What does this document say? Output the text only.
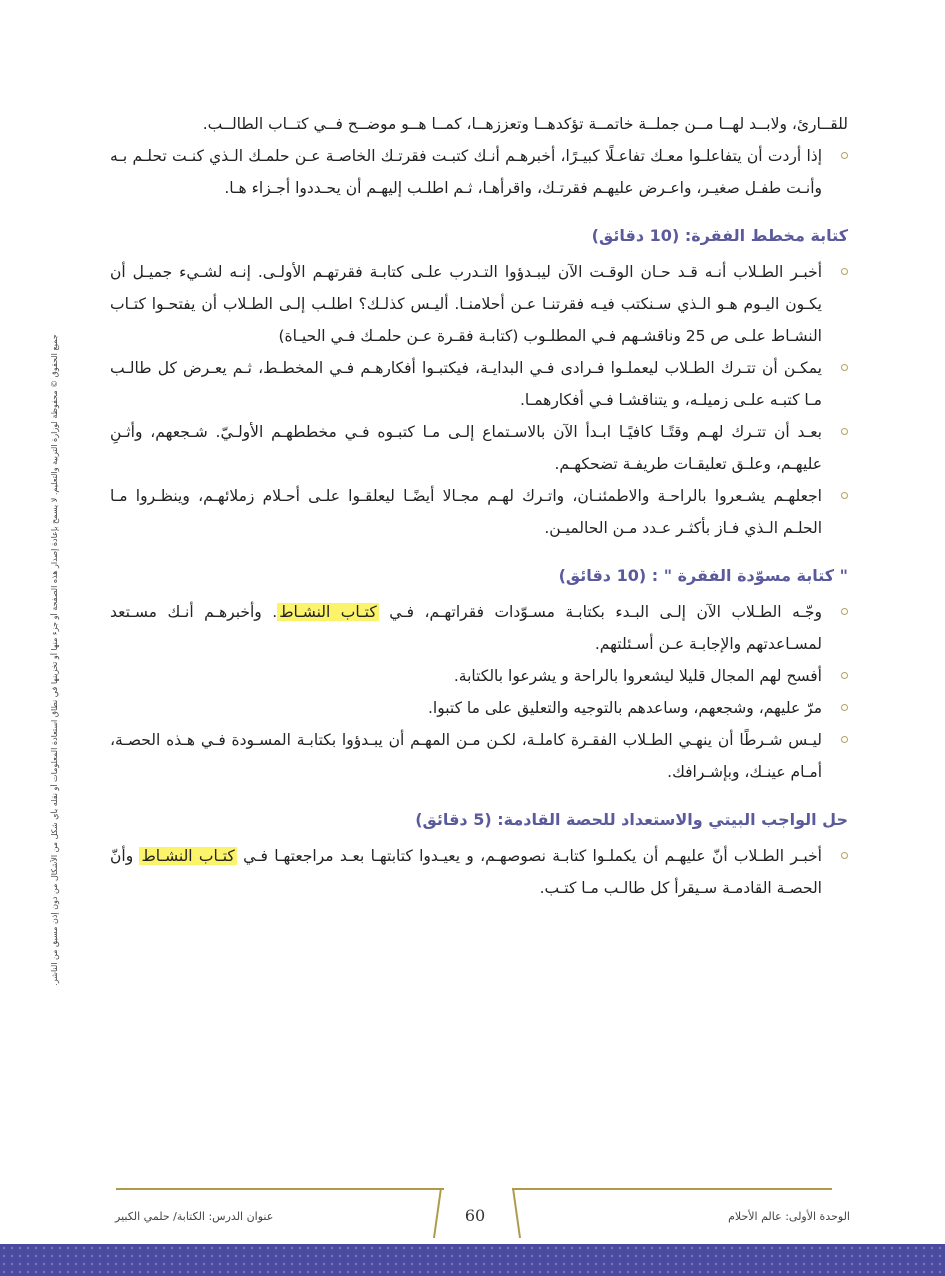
جميع الحقوق © محفوظة لوزارة التربية والتعليم. لا يسمح بإعادة إصدار هذه الصفحة أو جزء منها أو تخزينها في نطاق استعادة المعلومات أو نقله بأي شكل من الأشكال من دون إذن مسبق من الناشر.

للقــارئ، ولابــد لهــا مــن جملــة خاتمــة تؤكدهــا وتعززهــا، كمــا هــو موضــح فــي كتــاب الطالــب.

إذا أردت أن يتفاعلـوا معـك تفاعـلًا كبيـرًا، أخبرهـم أنـك كتبـت فقرتـك الخاصـة عـن حلمـك الـذي كنـت تحلـم بـه وأنـت طفـل صغيـر، واعـرض عليهـم فقرتـك، واقرأهـا، ثـم اطلـب إليهـم أن يحـددوا أجـزاء هـا.
كتابة مخطط الفقرة: (10 دقائق)
أخبـر الطـلاب أنـه قـد حـان الوقـت الآن ليبـدؤوا التـدرب علـى كتابـة فقرتهـم الأولـى. إنـه لشـيء جميـل أن يكـون اليـوم هـو الـذي سـنكتب فيـه فقرتنـا عـن أحلامنـا. أليـس كذلـك؟ اطلـب إلـى الطـلاب أن يفتحـوا كتـاب النشـاط علـى ص 25 وناقشـهم فـي المطلـوب (كتابـة فقـرة عـن حلمـك فـي الحيـاة)
يمكـن أن تتـرك الطـلاب ليعملـوا فـرادى فـي البدايـة، فيكتبـوا أفكارهـم فـي المخطـط، ثـم يعـرض كل طالـب مـا كتبـه علـى زميلـه، و يتناقشـا فـي أفكارهمـا.
بعـد أن تتـرك لهـم وقتًـا كافيًـا ابـدأ الآن بالاسـتماع إلـى مـا كتبـوه فـي مخططهـم الأولـيّ. شـجعهم، وأثـنِ عليهـم، وعلـق تعليقـات طريفـة تضحكهـم.
اجعلهـم يشـعروا بالراحـة والاطمئنـان، واتـرك لهـم مجـالا أيضًـا ليعلقـوا علـى أحـلام زملائهـم، وينظـروا مـا الحلـم الـذي فـاز بأكثـر عـدد مـن الحالميـن.
" كتابة مسوّدة الفقرة " : (10 دقائق)
وجّـه الطـلاب الآن إلـى البـدء بكتابـة مسـوّدات فقراتهـم، فـي كتـاب النشـاط. وأخبرهـم أنـك مسـتعد لمسـاعدتهم والإجابـة عـن أسـئلتهم.
أفسح لهم المجال قليلا ليشعروا بالراحة و يشرعوا بالكتابة.
مرّ عليهم، وشجعهم، وساعدهم بالتوجيه والتعليق على ما كتبوا.
ليـس شـرطًا أن ينهـي الطـلاب الفقـرة كاملـة، لكـن مـن المهـم أن يبـدؤوا بكتابـة المسـودة فـي هـذه الحصـة، أمـام عينـك، وبإشـرافك.
حل الواجب البيتي والاستعداد للحصة القادمة: (5 دقائق)
أخبـر الطـلاب أنّ عليهـم أن يكملـوا كتابـة نصوصهـم، و يعيـدوا كتابتهـا بعـد مراجعتهـا فـي كتـاب النشـاط وأنّ الحصـة القادمـة سـيقرأ كل طالـب مـا كتـب.
60	الوحدة الأولى: عالم الأحلام
عنوان الدرس: الكتابة/ حلمي الكبير
